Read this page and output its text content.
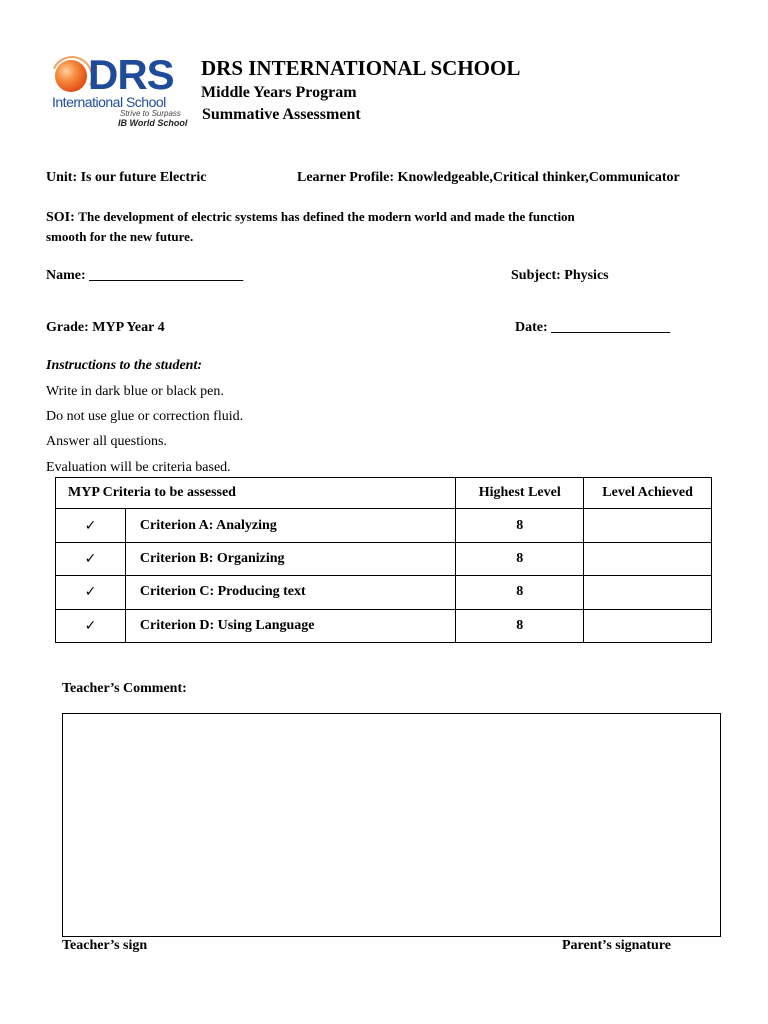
DRS
International School
Strive to Surpass
IB World School
DRS INTERNATIONAL SCHOOL
Middle Years Program
Summative Assessment
Unit: Is our future Electric	Learner Profile: Knowledgeable,Critical thinker,Communicator
SOI: The development of electric systems has defined the modern world and made the function
smooth for the new future.
Name: ______________________	Subject: Physics
Grade: MYP Year 4	Date: _________________
Instructions to the student:
Write in dark blue or black pen.
Do not use glue or correction fluid.
Answer all questions.
Evaluation will be criteria based.
MYP Criteria to be assessed		Highest Level	Level Achieved
✓	Criterion A: Analyzing	8	
✓	Criterion B: Organizing	8	
✓	Criterion C: Producing text	8	
✓	Criterion D: Using Language	8	
Teacher’s Comment:
Teacher’s sign	Parent’s signature
